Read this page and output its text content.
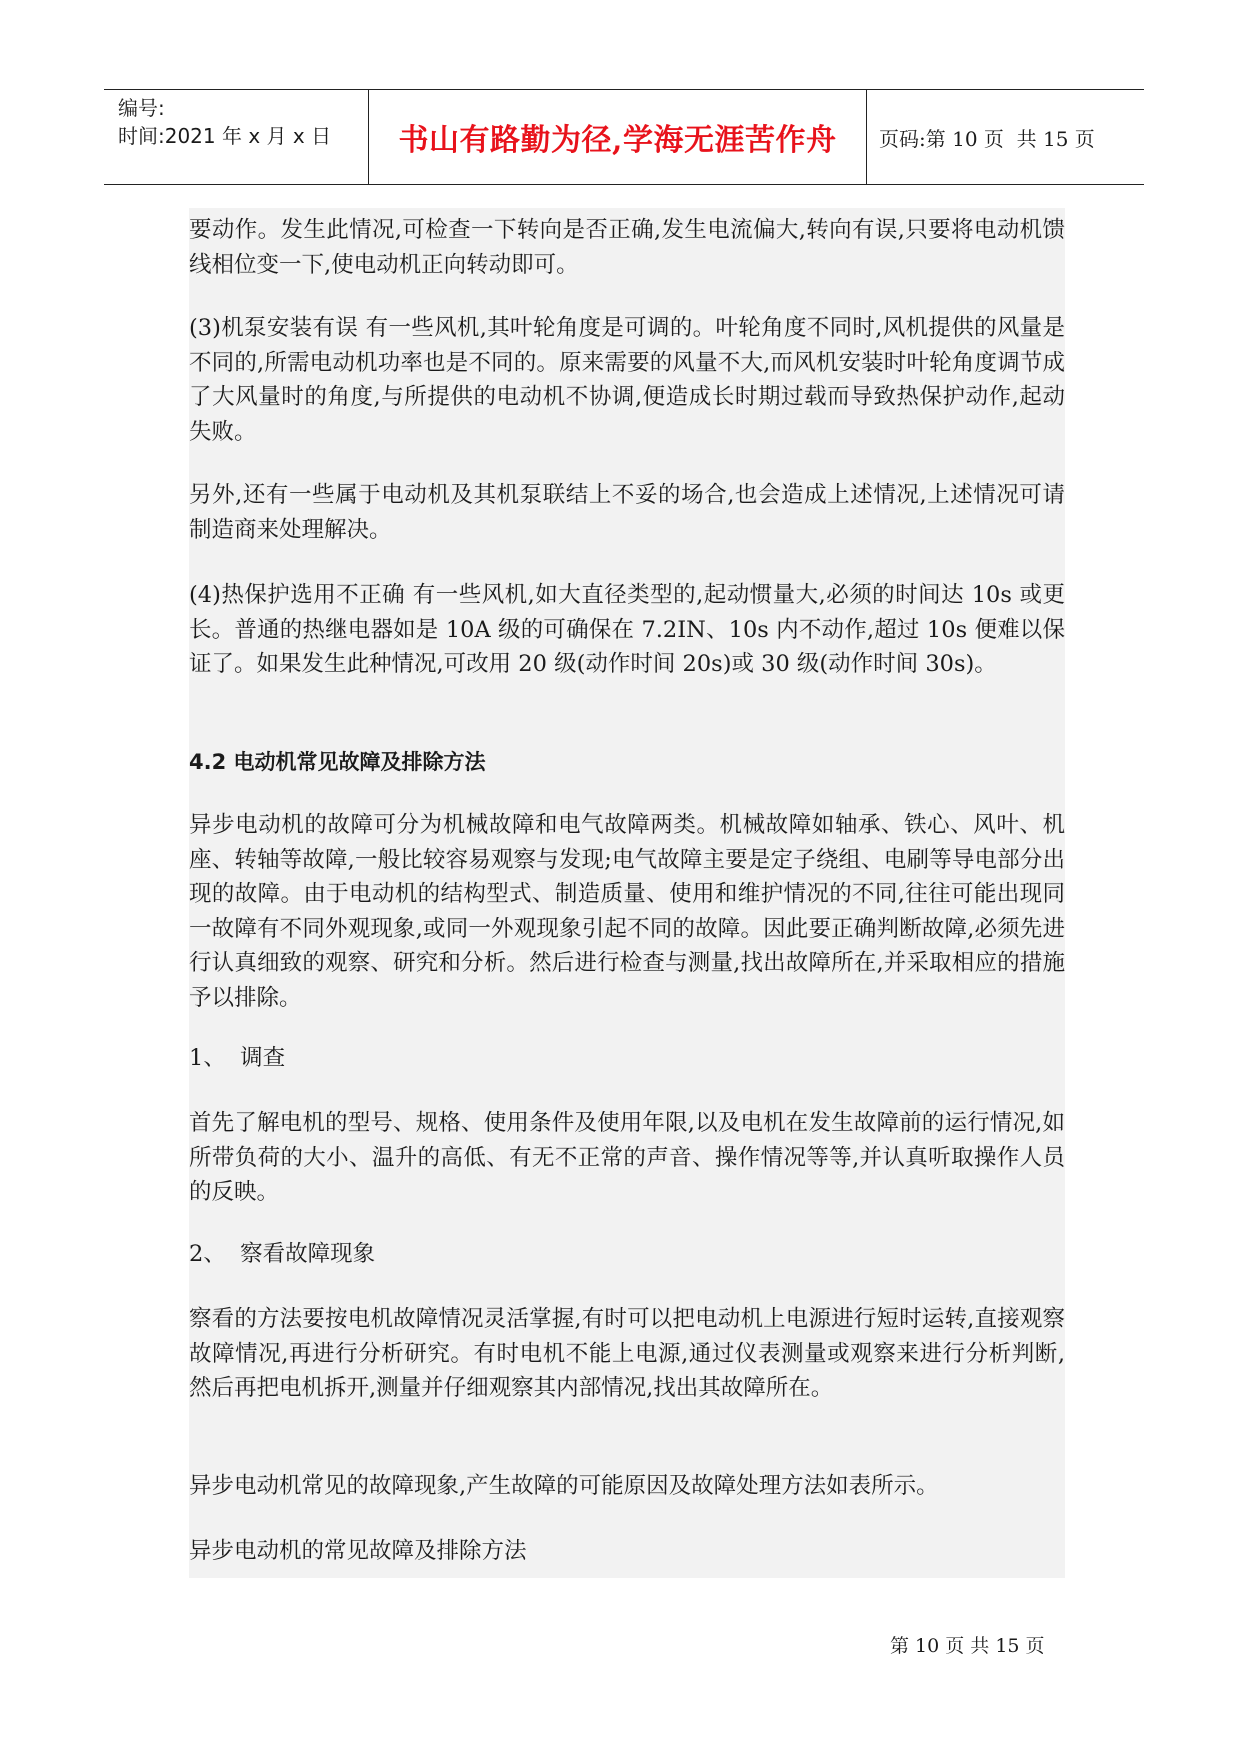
编号:
时间:2021 年 x 月 x 日	书山有路勤为径,学海无涯苦作舟 页码:第 10 页  共 15 页

要动作。发生此情况,可检查一下转向是否正确,发生电流偏大,转向有误,只要将电动机馈线相位变一下,使电动机正向转动即可。

(3)机泵安装有误 有一些风机,其叶轮角度是可调的。叶轮角度不同时,风机提供的风量是不同的,所需电动机功率也是不同的。原来需要的风量不大,而风机安装时叶轮角度调节成了大风量时的角度,与所提供的电动机不协调,便造成长时期过载而导致热保护动作,起动失败。

另外,还有一些属于电动机及其机泵联结上不妥的场合,也会造成上述情况,上述情况可请制造商来处理解决。

(4)热保护选用不正确 有一些风机,如大直径类型的,起动惯量大,必须的时间达 10s 或更长。普通的热继电器如是 10A 级的可确保在 7.2IN、10s 内不动作,超过 10s 便难以保证了。如果发生此种情况,可改用 20 级(动作时间 20s)或 30 级(动作时间 30s)。

4.2 电动机常见故障及排除方法

异步电动机的故障可分为机械故障和电气故障两类。机械故障如轴承、铁心、风叶、机座、转轴等故障,一般比较容易观察与发现;电气故障主要是定子绕组、电刷等导电部分出现的故障。由于电动机的结构型式、制造质量、使用和维护情况的不同,往往可能出现同一故障有不同外观现象,或同一外观现象引起不同的故障。因此要正确判断故障,必须先进行认真细致的观察、研究和分析。然后进行检查与测量,找出故障所在,并采取相应的措施予以排除。

1、  调查

首先了解电机的型号、规格、使用条件及使用年限,以及电机在发生故障前的运行情况,如所带负荷的大小、温升的高低、有无不正常的声音、操作情况等等,并认真听取操作人员的反映。

2、  察看故障现象

察看的方法要按电机故障情况灵活掌握,有时可以把电动机上电源进行短时运转,直接观察故障情况,再进行分析研究。有时电机不能上电源,通过仪表测量或观察来进行分析判断,然后再把电机拆开,测量并仔细观察其内部情况,找出其故障所在。

异步电动机常见的故障现象,产生故障的可能原因及故障处理方法如表所示。

异步电动机的常见故障及排除方法

第 10 页 共 15 页
